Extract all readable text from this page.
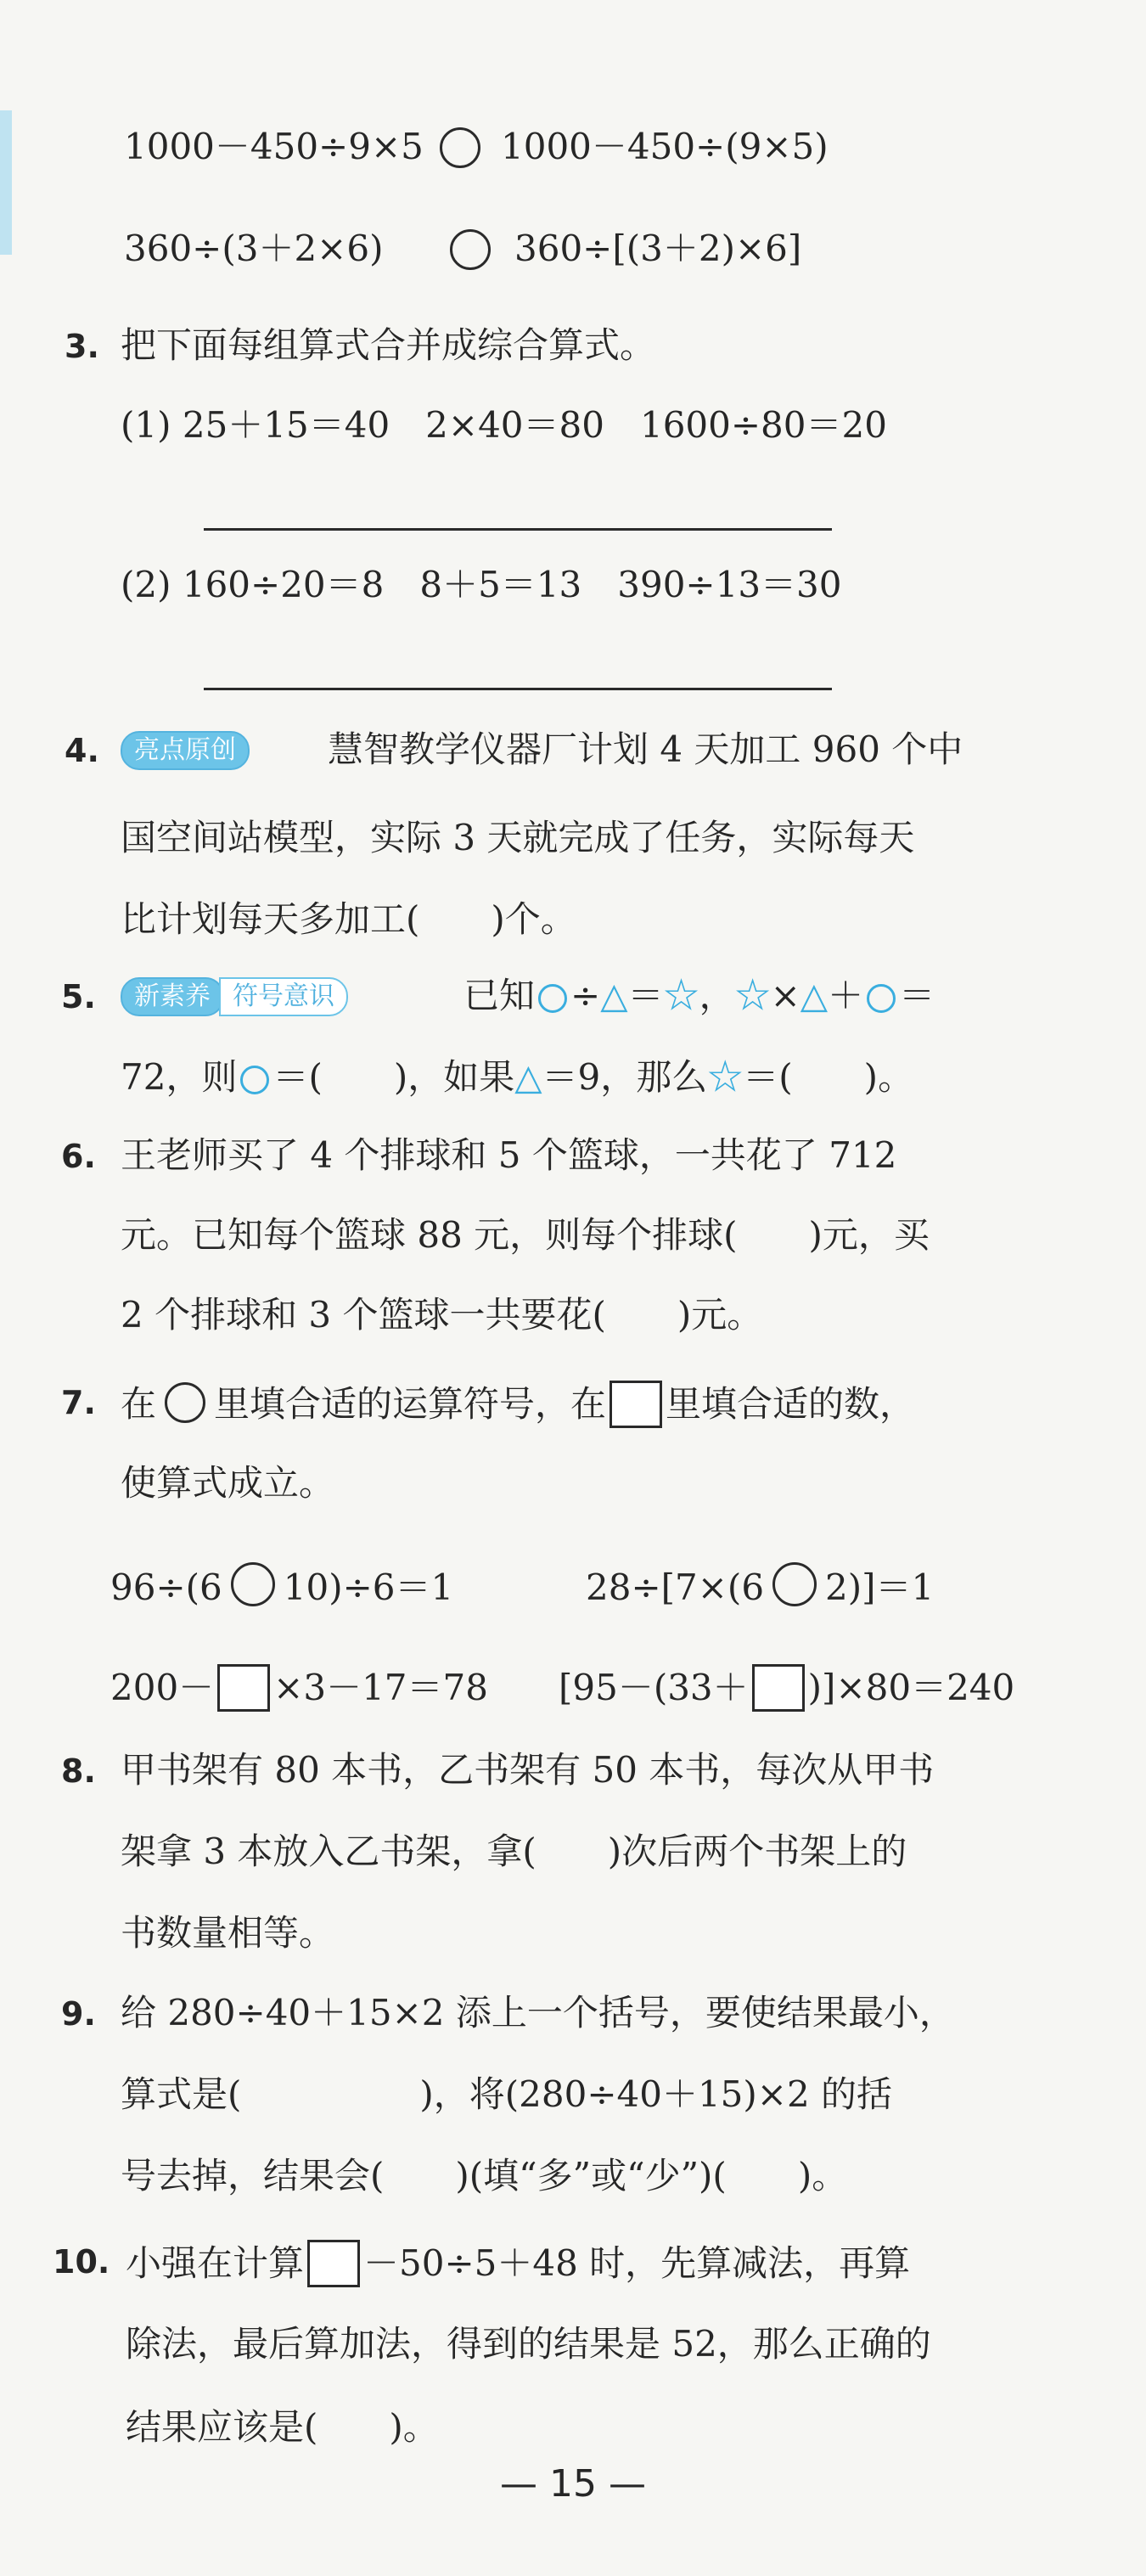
1000－450÷9×5 1000－450÷(9×5)
360÷(3＋2×6)	360÷[(3＋2)×6]
3. 把下面每组算式合并成综合算式。
(1) 25＋15＝40　2×40＝80　1600÷80＝20
(2) 160÷20＝8　8＋5＝13　390÷13＝30
4.	亮点原创	慧智教学仪器厂计划 4 天加工 960 个中
国空间站模型，实际 3 天就完成了任务，实际每天
比计划每天多加工(　　)个。
5.	新素养 符号意识	已知 ÷△＝☆，☆×△＋ ＝
72，则 ＝(　　)，如果△＝9，那么☆＝(　　)。
6. 王老师买了 4 个排球和 5 个篮球，一共花了 712
元。已知每个篮球 88 元，则每个排球(　　)元，买
2 个排球和 3 个篮球一共要花(　　)元。
7. 在 里填合适的运算符号，在 里填合适的数，
使算式成立。
96÷(6 10)÷6＝1	28÷[7×(6 2)]＝1
200－ ×3－17＝78 [95－(33＋ )]×80＝240
8. 甲书架有 80 本书，乙书架有 50 本书，每次从甲书
架拿 3 本放入乙书架，拿(　　)次后两个书架上的
书数量相等。
9. 给 280÷40＋15×2 添上一个括号，要使结果最小，
算式是(　　　　　)，将(280÷40＋15)×2 的括
号去掉，结果会(　　)(填“多”或“少”)(　　)。
10. 小强在计算 －50÷5＋48 时，先算减法，再算
除法，最后算加法，得到的结果是 52，那么正确的
结果应该是(　　)。
— 15 —
